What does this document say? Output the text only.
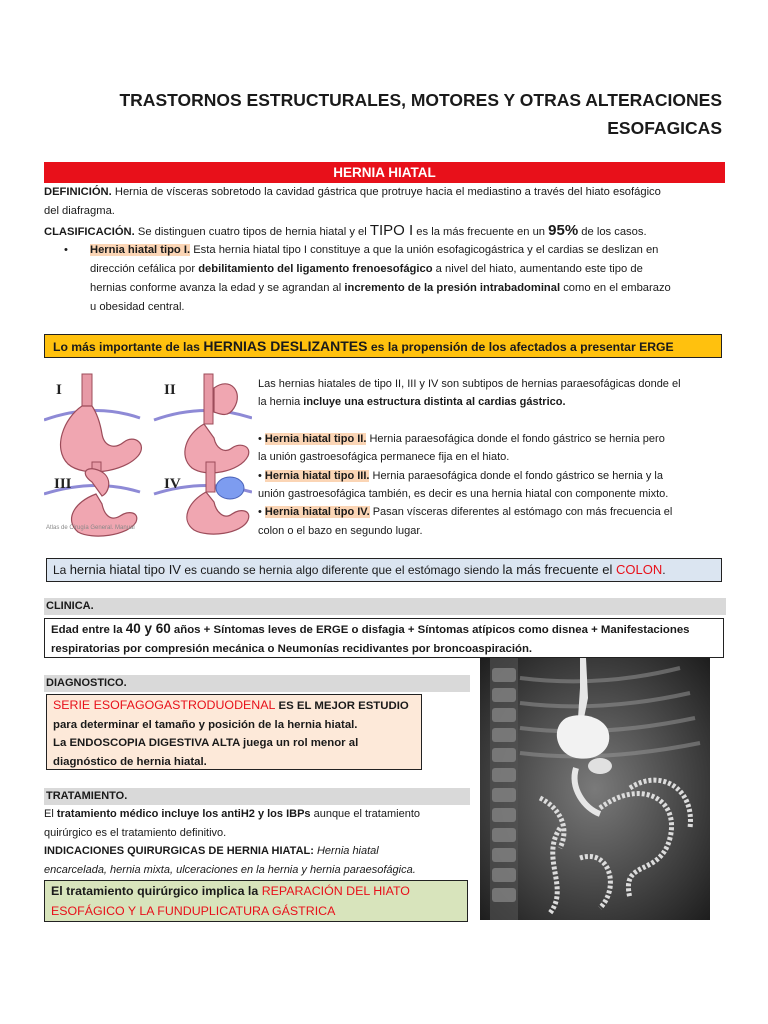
TRASTORNOS ESTRUCTURALES, MOTORES Y OTRAS ALTERACIONES
ESOFAGICAS
HERNIA HIATAL
DEFINICIÓN. Hernia de vísceras sobretodo la cavidad gástrica que protruye hacia el mediastino a través del hiato esofágico
del diafragma.
CLASIFICACIÓN. Se distinguen cuatro tipos de hernia hiatal y el TIPO I es la más frecuente en un 95% de los casos.
• Hernia hiatal tipo I. Esta hernia hiatal tipo I constituye a que la unión esofagicogástrica y el cardias se deslizan en
dirección cefálica por debilitamiento del ligamento frenoesofágico a nivel del hiato, aumentando este tipo de
hernias conforme avanza la edad y se agrandan al incremento de la presión intrabadominal como en el embarazo
u obesidad central.
Lo más importante de las HERNIAS DESLIZANTES es la propensión de los afectados a presentar ERGE
I	II
III	IV
Atlas de Cirugía General. Manual
Las hernias hiatales de tipo II, III y IV son subtipos de hernias paraesofágicas donde el
la hernia incluye una estructura distinta al cardias gástrico.
• Hernia hiatal tipo II. Hernia paraesofágica donde el fondo gástrico se hernia pero
la unión gastroesofágica permanece fija en el hiato.
• Hernia hiatal tipo III. Hernia paraesofágica donde el fondo gástrico se hernia y la
unión gastroesofágica también, es decir es una hernia hiatal con componente mixto.
• Hernia hiatal tipo IV. Pasan vísceras diferentes al estómago con más frecuencia el
colon o el bazo en segundo lugar.
La hernia hiatal tipo IV es cuando se hernia algo diferente que el estómago siendo la más frecuente el COLON.
CLINICA.
Edad entre la 40 y 60 años + Síntomas leves de ERGE o disfagia + Síntomas atípicos como disnea + Manifestaciones
respiratorias por compresión mecánica o Neumonías recidivantes por broncoaspiración.
DIAGNOSTICO.
SERIE ESOFAGOGASTRODUODENAL ES EL MEJOR ESTUDIO
para determinar el tamaño y posición de la hernia hiatal.
La ENDOSCOPIA DIGESTIVA ALTA juega un rol menor al
diagnóstico de hernia hiatal.
TRATAMIENTO.
El tratamiento médico incluye los antiH2 y los IBPs aunque el tratamiento
quirúrgico es el tratamiento definitivo.
INDICACIONES QUIRURGICAS DE HERNIA HIATAL: Hernia hiatal
encarcelada, hernia mixta, ulceraciones en la hernia y hernia paraesofágica.
El tratamiento quirúrgico implica la REPARACIÓN DEL HIATO
ESOFÁGICO Y LA FUNDUPLICATURA GÁSTRICA
